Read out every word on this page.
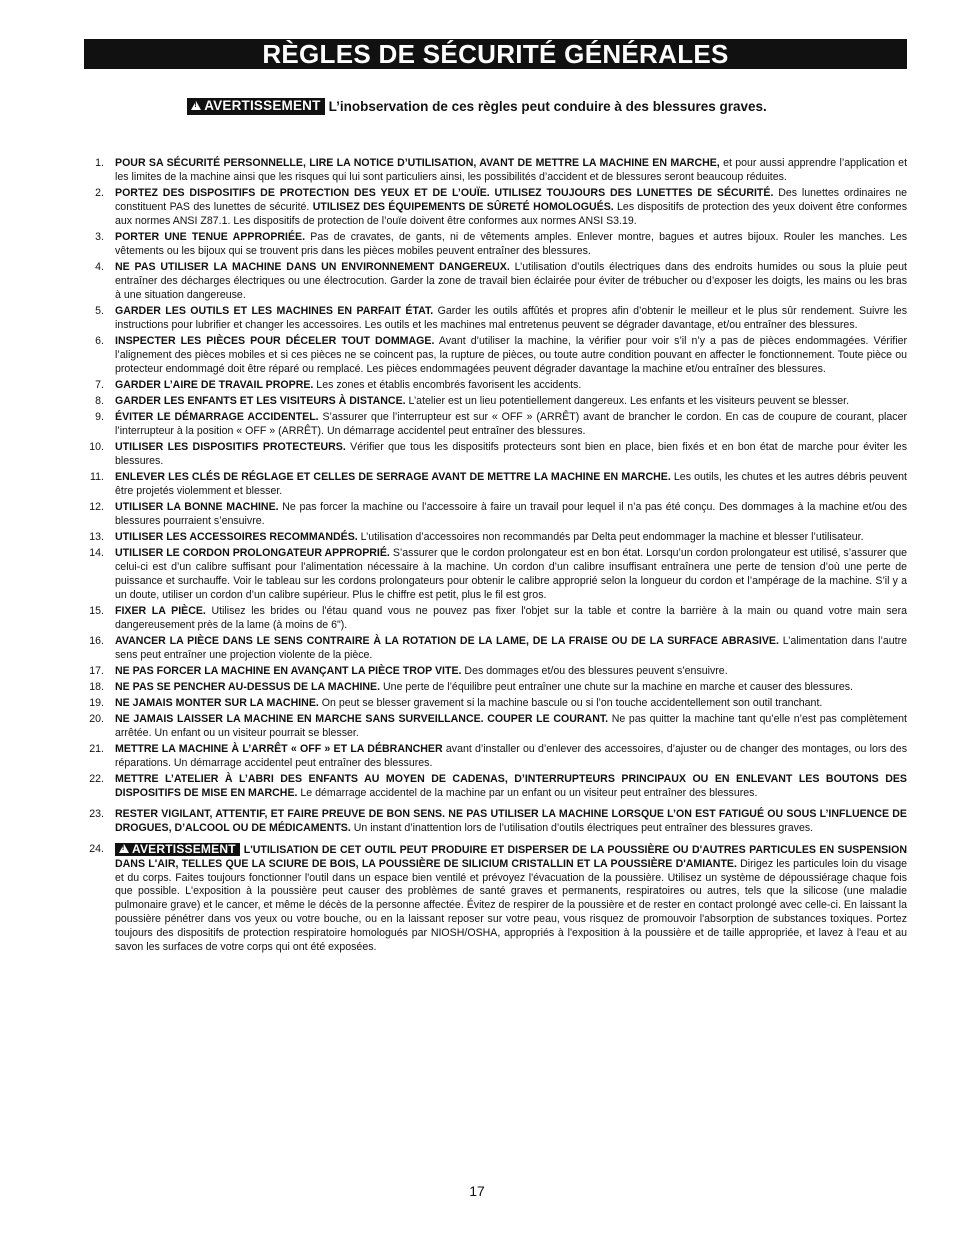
RÈGLES DE SÉCURITÉ GÉNÉRALES
!AVERTISSEMENT L’inobservation de ces règles peut conduire à des blessures graves.
1. POUR SA SÉCURITÉ PERSONNELLE, LIRE LA NOTICE D’UTILISATION, AVANT DE METTRE LA MACHINE EN MARCHE, et pour aussi apprendre l’application et les limites de la machine ainsi que les risques qui lui sont particuliers ainsi, les possibilités d’accident et de blessures seront beaucoup réduites.
2. PORTEZ DES DISPOSITIFS DE PROTECTION DES YEUX ET DE L’OUÏE. UTILISEZ TOUJOURS DES LUNETTES DE SÉCURITÉ. Des lunettes ordinaires ne constituent PAS des lunettes de sécurité. UTILISEZ DES ÉQUIPEMENTS DE SÛRETÉ HOMOLOGUÉS. Les dispositifs de protection des yeux doivent être conformes aux normes ANSI Z87.1. Les dispositifs de protection de l’ouïe doivent être conformes aux normes ANSI S3.19.
3. PORTER UNE TENUE APPROPRIÉE. Pas de cravates, de gants, ni de vêtements amples. Enlever montre, bagues et autres bijoux. Rouler les manches. Les vêtements ou les bijoux qui se trouvent pris dans les pièces mobiles peuvent entraîner des blessures.
4. NE PAS UTILISER LA MACHINE DANS UN ENVIRONNEMENT DANGEREUX. L’utilisation d’outils électriques dans des endroits humides ou sous la pluie peut entraîner des décharges électriques ou une électrocution. Garder la zone de travail bien éclairée pour éviter de trébucher ou d’exposer les doigts, les mains ou les bras à une situation dangereuse.
5. GARDER LES OUTILS ET LES MACHINES EN PARFAIT ÉTAT. Garder les outils affûtés et propres afin d’obtenir le meilleur et le plus sûr rendement. Suivre les instructions pour lubrifier et changer les accessoires. Les outils et les machines mal entretenus peuvent se dégrader davantage, et/ou entraîner des blessures.
6. INSPECTER LES PIÈCES POUR DÉCELER TOUT DOMMAGE. Avant d’utiliser la machine, la vérifier pour voir s’il n’y a pas de pièces endommagées. Vérifier l’alignement des pièces mobiles et si ces pièces ne se coincent pas, la rupture de pièces, ou toute autre condition pouvant en affecter le fonctionnement. Toute pièce ou protecteur endommagé doit être réparé ou remplacé. Les pièces endommagées peuvent dégrader davantage la machine et/ou entraîner des blessures.
7. GARDER L’AIRE DE TRAVAIL PROPRE. Les zones et établis encombrés favorisent les accidents.
8. GARDER LES ENFANTS ET LES VISITEURS À DISTANCE. L’atelier est un lieu potentiellement dangereux. Les enfants et les visiteurs peuvent se blesser.
9. ÉVITER LE DÉMARRAGE ACCIDENTEL. S’assurer que l’interrupteur est sur « OFF » (ARRÊT) avant de brancher le cordon. En cas de coupure de courant, placer l’interrupteur à la position « OFF » (ARRÊT). Un démarrage accidentel peut entraîner des blessures.
10. UTILISER LES DISPOSITIFS PROTECTEURS. Vérifier que tous les dispositifs protecteurs sont bien en place, bien fixés et en bon état de marche pour éviter les blessures.
11. ENLEVER LES CLÉS DE RÉGLAGE ET CELLES DE SERRAGE AVANT DE METTRE LA MACHINE EN MARCHE. Les outils, les chutes et les autres débris peuvent être projetés violemment et blesser.
12. UTILISER LA BONNE MACHINE. Ne pas forcer la machine ou l’accessoire à faire un travail pour lequel il n’a pas été conçu. Des dommages à la machine et/ou des blessures pourraient s’ensuivre.
13. UTILISER LES ACCESSOIRES RECOMMANDÉS. L’utilisation d’accessoires non recommandés par Delta peut endommager la machine et blesser l’utilisateur.
14. UTILISER LE CORDON PROLONGATEUR APPROPRIÉ. S’assurer que le cordon prolongateur est en bon état. Lorsqu’un cordon prolongateur est utilisé, s’assurer que celui-ci est d’un calibre suffisant pour l’alimentation nécessaire à la machine. Un cordon d’un calibre insuffisant entraînera une perte de tension d’où une perte de puissance et surchauffe. Voir le tableau sur les cordons prolongateurs pour obtenir le calibre approprié selon la longueur du cordon et l’ampérage de la machine. S’il y a un doute, utiliser un cordon d’un calibre supérieur. Plus le chiffre est petit, plus le fil est gros.
15. FIXER LA PIÈCE. Utilisez les brides ou l'étau quand vous ne pouvez pas fixer l'objet sur la table et contre la barrière à la main ou quand votre main sera dangereusement près de la lame (à moins de 6").
16. AVANCER LA PIÈCE DANS LE SENS CONTRAIRE À LA ROTATION DE LA LAME, DE LA FRAISE OU DE LA SURFACE ABRASIVE. L’alimentation dans l’autre sens peut entraîner une projection violente de la pièce.
17. NE PAS FORCER LA MACHINE EN AVANÇANT LA PIÈCE TROP VITE. Des dommages et/ou des blessures peuvent s’ensuivre.
18. NE PAS SE PENCHER AU-DESSUS DE LA MACHINE. Une perte de l’équilibre peut entraîner une chute sur la machine en marche et causer des blessures.
19. NE JAMAIS MONTER SUR LA MACHINE. On peut se blesser gravement si la machine bascule ou si l’on touche accidentellement son outil tranchant.
20. NE JAMAIS LAISSER LA MACHINE EN MARCHE SANS SURVEILLANCE. COUPER LE COURANT. Ne pas quitter la machine tant qu’elle n’est pas complètement arrêtée. Un enfant ou un visiteur pourrait se blesser.
21. METTRE LA MACHINE À L’ARRÊT « OFF » ET LA DÉBRANCHER avant d’installer ou d’enlever des accessoires, d’ajuster ou de changer des montages, ou lors des réparations. Un démarrage accidentel peut entraîner des blessures.
22. METTRE L’ATELIER À L’ABRI DES ENFANTS AU MOYEN DE CADENAS, D’INTERRUPTEURS PRINCIPAUX OU EN ENLEVANT LES BOUTONS DES DISPOSITIFS DE MISE EN MARCHE. Le démarrage accidentel de la machine par un enfant ou un visiteur peut entraîner des blessures.
23. RESTER VIGILANT, ATTENTIF, ET FAIRE PREUVE DE BON SENS. NE PAS UTILISER LA MACHINE LORSQUE L’ON EST FATIGUÉ OU SOUS L’INFLUENCE DE DROGUES, D’ALCOOL OU DE MÉDICAMENTS. Un instant d’inattention lors de l’utilisation d’outils électriques peut entraîner des blessures graves.
24.
! AVERTISSEMENT L'UTILISATION DE CET OUTIL PEUT PRODUIRE ET DISPERSER DE LA POUSSIÈRE OU D'AUTRES PARTICULES EN SUSPENSION DANS L'AIR, TELLES QUE LA SCIURE DE BOIS, LA POUSSIÈRE DE SILICIUM CRISTALLIN ET LA POUSSIÈRE D'AMIANTE. Dirigez les particules loin du visage et du corps. Faites toujours fonctionner l'outil dans un espace bien ventilé et prévoyez l'évacuation de la poussière. Utilisez un système de dépoussiérage chaque fois que possible. L'exposition à la poussière peut causer des problèmes de santé graves et permanents, respiratoires ou autres, tels que la silicose (une maladie pulmonaire grave) et le cancer, et même le décès de la personne affectée. Évitez de respirer de la poussière et de rester en contact prolongé avec celle-ci. En laissant la poussière pénétrer dans vos yeux ou votre bouche, ou en la laissant reposer sur votre peau, vous risquez de promouvoir l'absorption de substances toxiques. Portez toujours des dispositifs de protection respiratoire homologués par NIOSH/OSHA, appropriés à l'exposition à la poussière et de taille appropriée, et lavez à l'eau et au savon les surfaces de votre corps qui ont été exposées.
17
